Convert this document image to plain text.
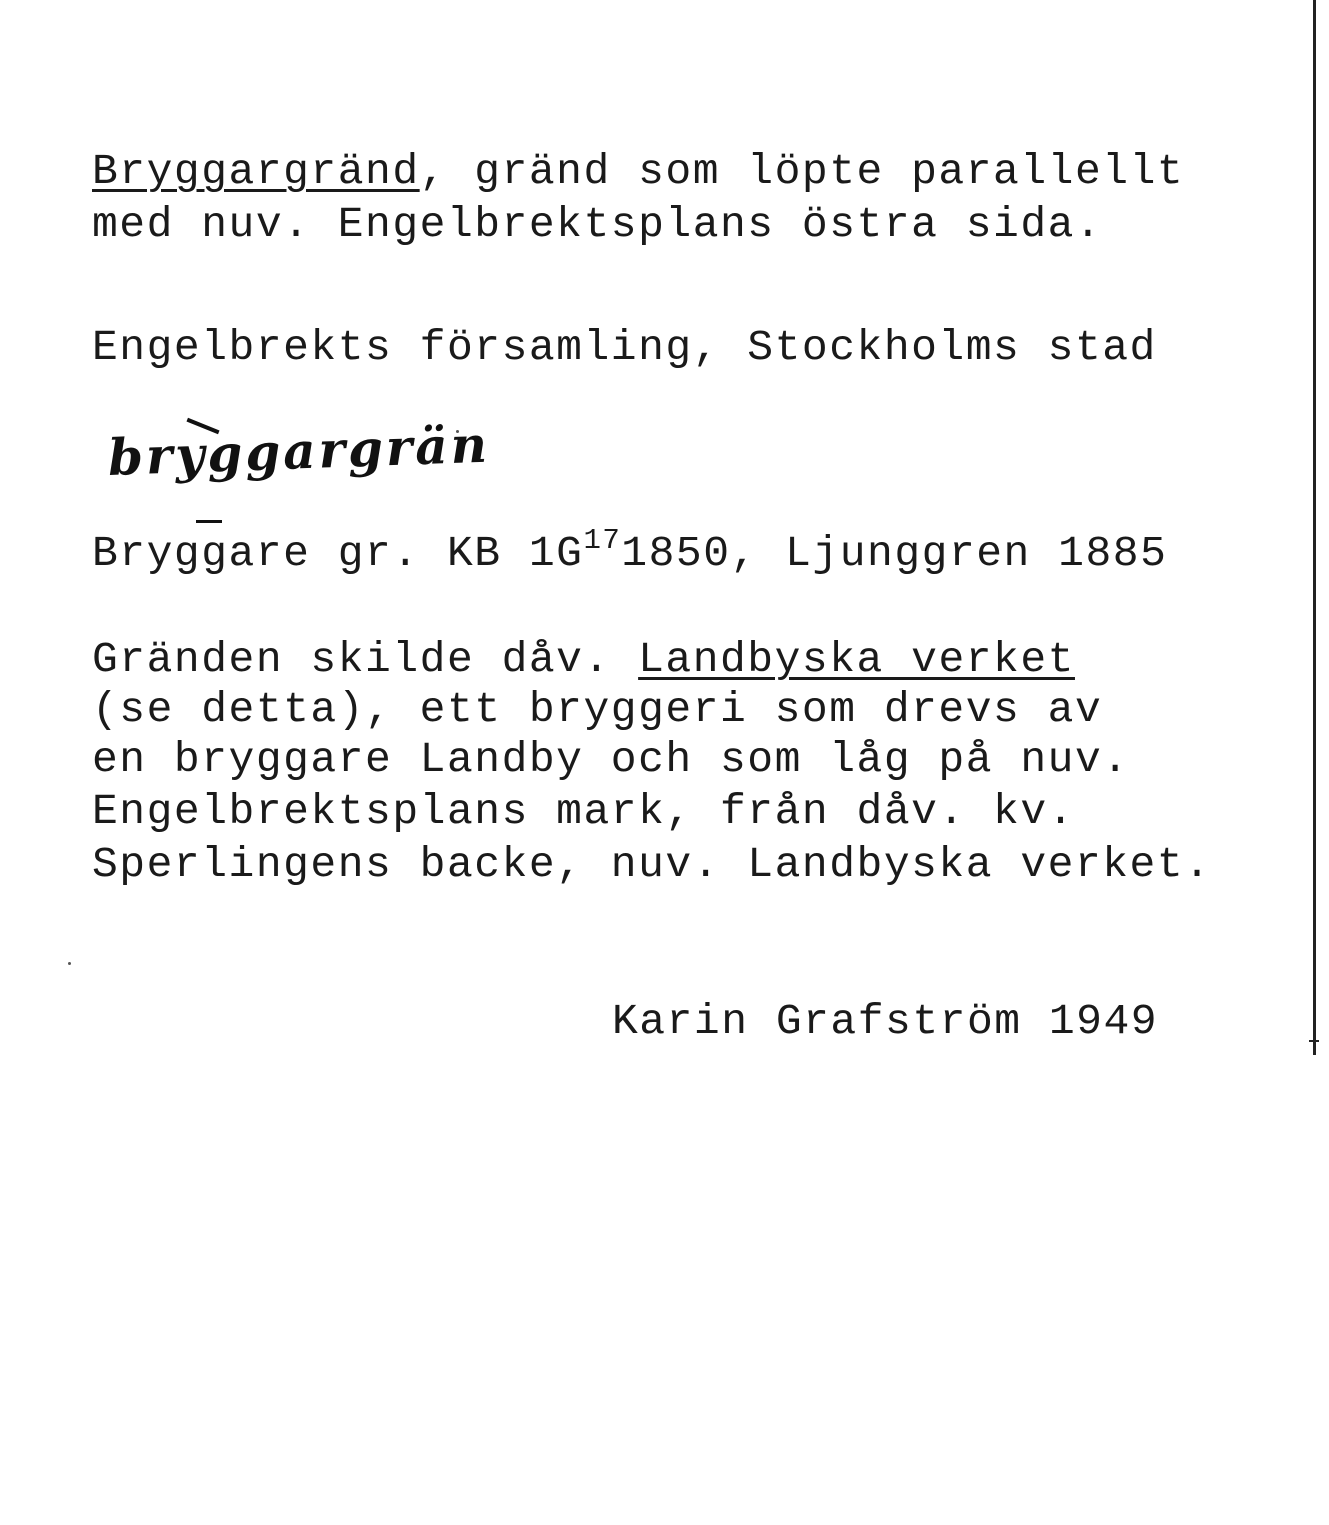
Bryggargränd, gränd som löpte parallellt

med nuv. Engelbrektsplans östra sida.

Engelbrekts församling, Stockholms stad

bryggargrän

Bryggare gr. KB $1G^{17}1850$, Ljunggren 1885

Gränden skilde dåv. Landbyska verket

(se detta), ett bryggeri som drevs av

en bryggare Landby och som låg på nuv.

Engelbrektsplans mark, från dåv. kv.

Sperlingens backe, nuv. Landbyska verket.

Karin Grafström 1949
